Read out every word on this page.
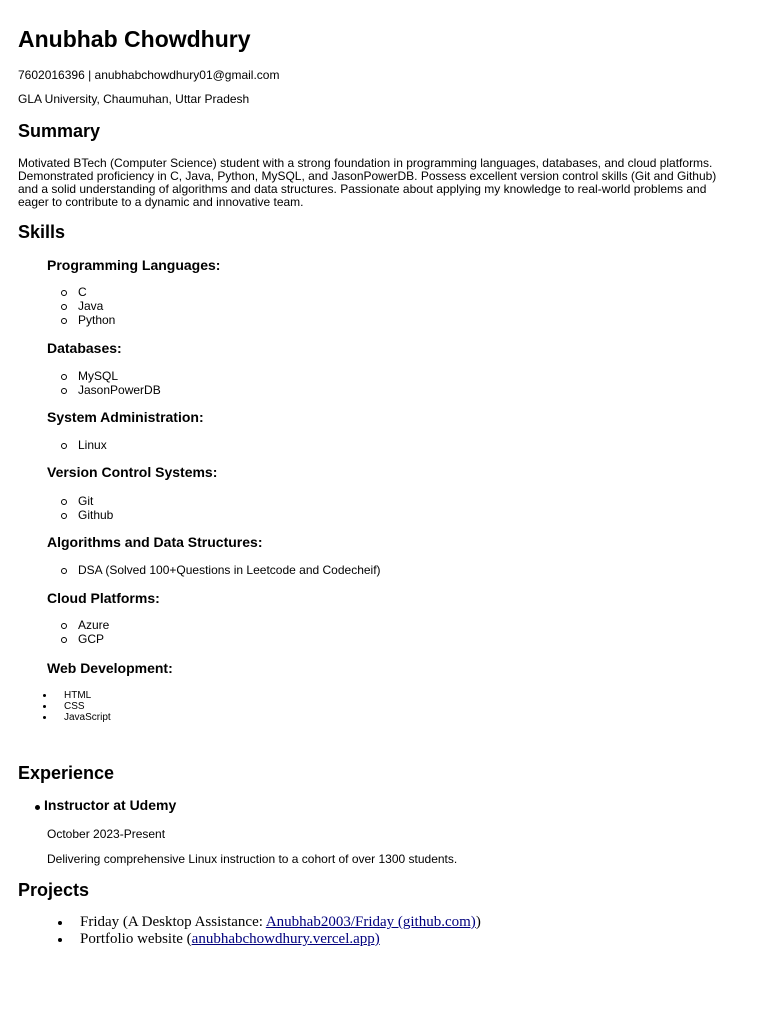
Anubhab Chowdhury

7602016396 | anubhabchowdhury01@gmail.com

GLA University, Chaumuhan, Uttar Pradesh

Summary

Motivated BTech (Computer Science) student with a strong foundation in programming languages, databases, and cloud platforms. Demonstrated proficiency in C, Java, Python, MySQL, and JasonPowerDB. Possess excellent version control skills (Git and Github) and a solid understanding of algorithms and data structures. Passionate about applying my knowledge to real-world problems and eager to contribute to a dynamic and innovative team.

Skills
Programming Languages:
C
Java
Python
Databases:
MySQL
JasonPowerDB
System Administration:
Linux
Version Control Systems:
Git
Github
Algorithms and Data Structures:
DSA (Solved 100+Questions in Leetcode and Codecheif)
Cloud Platforms:
Azure
GCP
Web Development:
HTML
CSS
JavaScript
Experience
Instructor at Udemy

October 2023-Present

Delivering comprehensive Linux instruction to a cohort of over 1300 students.

Projects
Friday (A Desktop Assistance: Anubhab2003/Friday (github.com))
Portfolio website (anubhabchowdhury.vercel.app)
